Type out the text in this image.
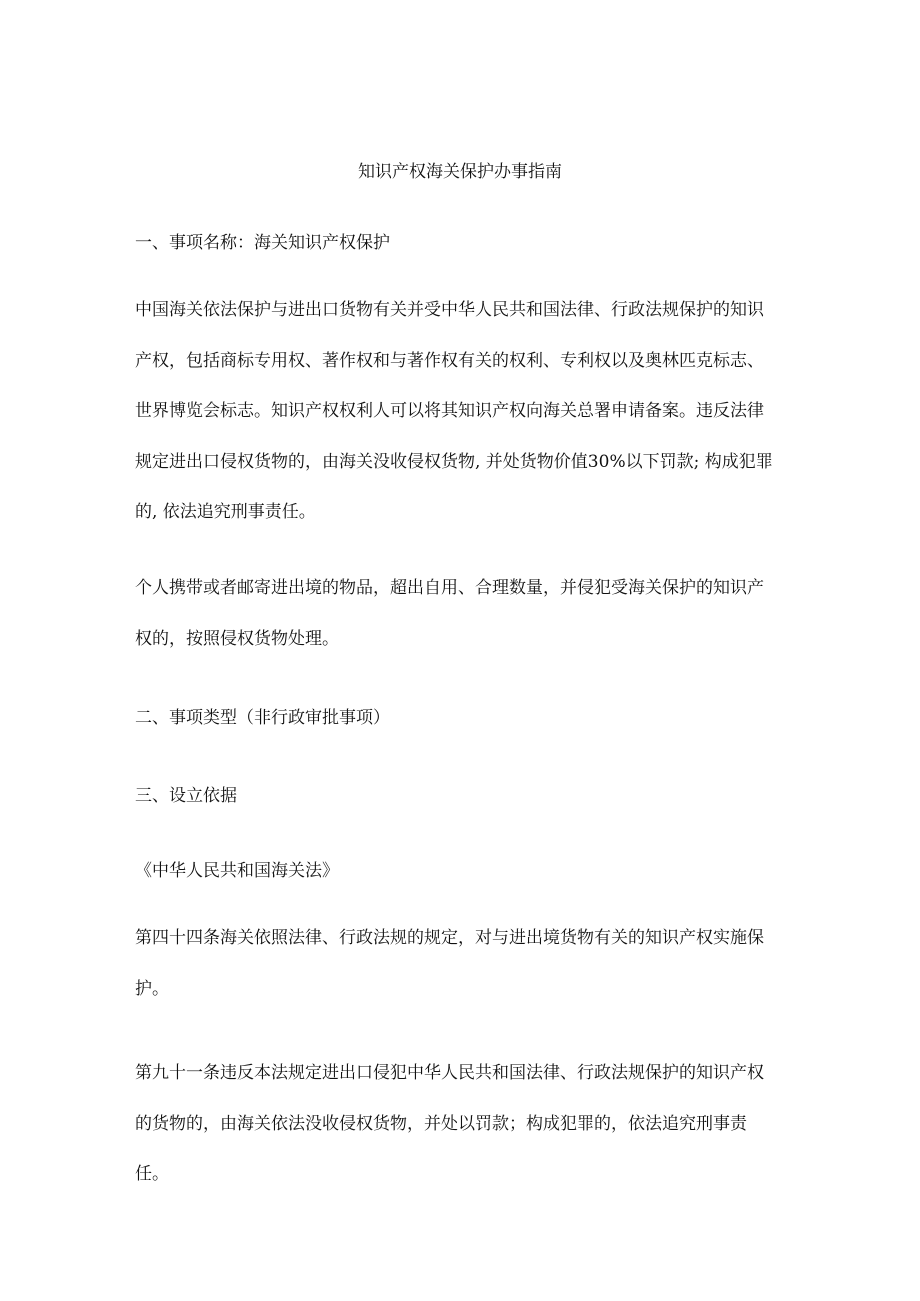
知识产权海关保护办事指南
一、事项名称：海关知识产权保护

中国海关依法保护与进出口货物有关并受中华人民共和国法律、行政法规保护的知识产权，包括商标专用权、著作权和与著作权有关的权利、专利权以及奥林匹克标志、世界博览会标志。知识产权权利人可以将其知识产权向海关总署申请备案。违反法律规定进出口侵权货物的，由海关没收侵权货物, 并处货物价值30%以下罚款; 构成犯罪的, 依法追究刑事责任。

个人携带或者邮寄进出境的物品，超出自用、合理数量，并侵犯受海关保护的知识产权的，按照侵权货物处理。

二、事项类型（非行政审批事项）
三、设立依据
《中华人民共和国海关法》

第四十四条海关依照法律、行政法规的规定，对与进出境货物有关的知识产权实施保护。

第九十一条违反本法规定进出口侵犯中华人民共和国法律、行政法规保护的知识产权的货物的，由海关依法没收侵权货物，并处以罚款；构成犯罪的，依法追究刑事责任。
